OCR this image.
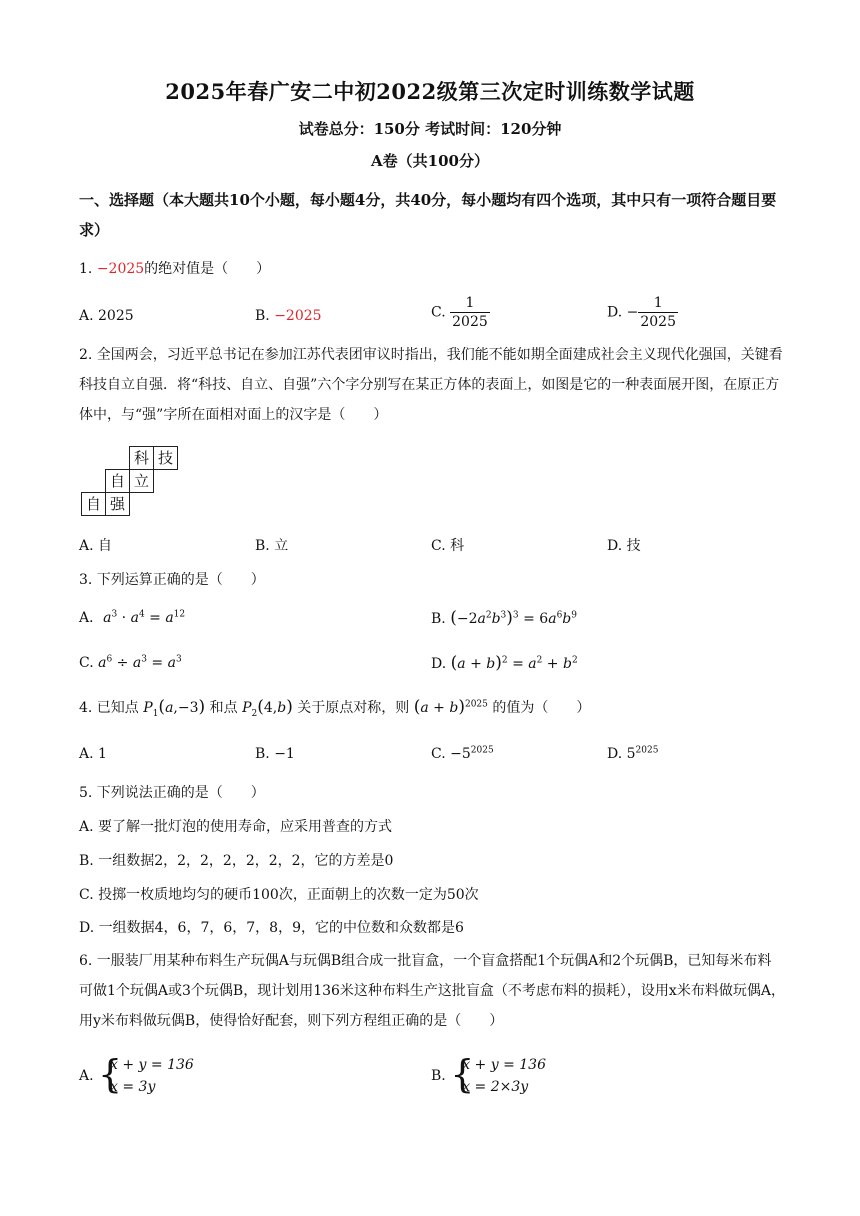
2025年春广安二中初2022级第三次定时训练数学试题
试卷总分：150分 考试时间：120分钟
A卷（共100分）
一、选择题（本大题共10个小题，每小题4分，共40分，每小题均有四个选项，其中只有一项符合题目要求）
1. −2025的绝对值是（　　）
A. 2025	B. −2025	C. $\frac{1}{2025}$	D. − $\frac{1}{2025}$
2. 全国两会，习近平总书记在参加江苏代表团审议时指出，我们能不能如期全面建成社会主义现代化强国，关键看科技自立自强．将“科技、自立、自强”六个字分别写在某正方体的表面上，如图是它的一种表面展开图，在原正方体中，与“强”字所在面相对面上的汉字是（　　）
科 技
自 立
自 强
A. 自	B. 立	C. 科	D. 技
3. 下列运算正确的是（　　）
A．$a^3 \cdot a^4 = a^{12}$	B. $(-2a^2b^3)^3 = 6a^6b^9$
C. $a^6 \div a^3 = a^3$	D. $(a + b)^2 = a^2 + b^2$
4. 已知点 $P_1(a,-3)$ 和点 $P_2(4,b)$ 关于原点对称，则 $(a + b)^{2025}$ 的值为（　　）
A. 1	B. −1	C. $-5^{2025}$	D. $5^{2025}$
5. 下列说法正确的是（　　）
A. 要了解一批灯泡的使用寿命，应采用普查的方式
B. 一组数据2，2，2，2，2，2，2，它的方差是0
C. 投掷一枚质地均匀的硬币100次，正面朝上的次数一定为50次
D. 一组数据4，6，7，6，7，8，9，它的中位数和众数都是6
6. 一服装厂用某种布料生产玩偶A与玩偶B组合成一批盲盒，一个盲盒搭配1个玩偶A和2个玩偶B，已知每米布料可做1个玩偶A或3个玩偶B，现计划用136米这种布料生产这批盲盒（不考虑布料的损耗），设用x米布料做玩偶A，用y米布料做玩偶B，使得恰好配套，则下列方程组正确的是（　　）
A. {
x + y = 136
x = 3y
B. {
x + y = 136
x = 2×3y
